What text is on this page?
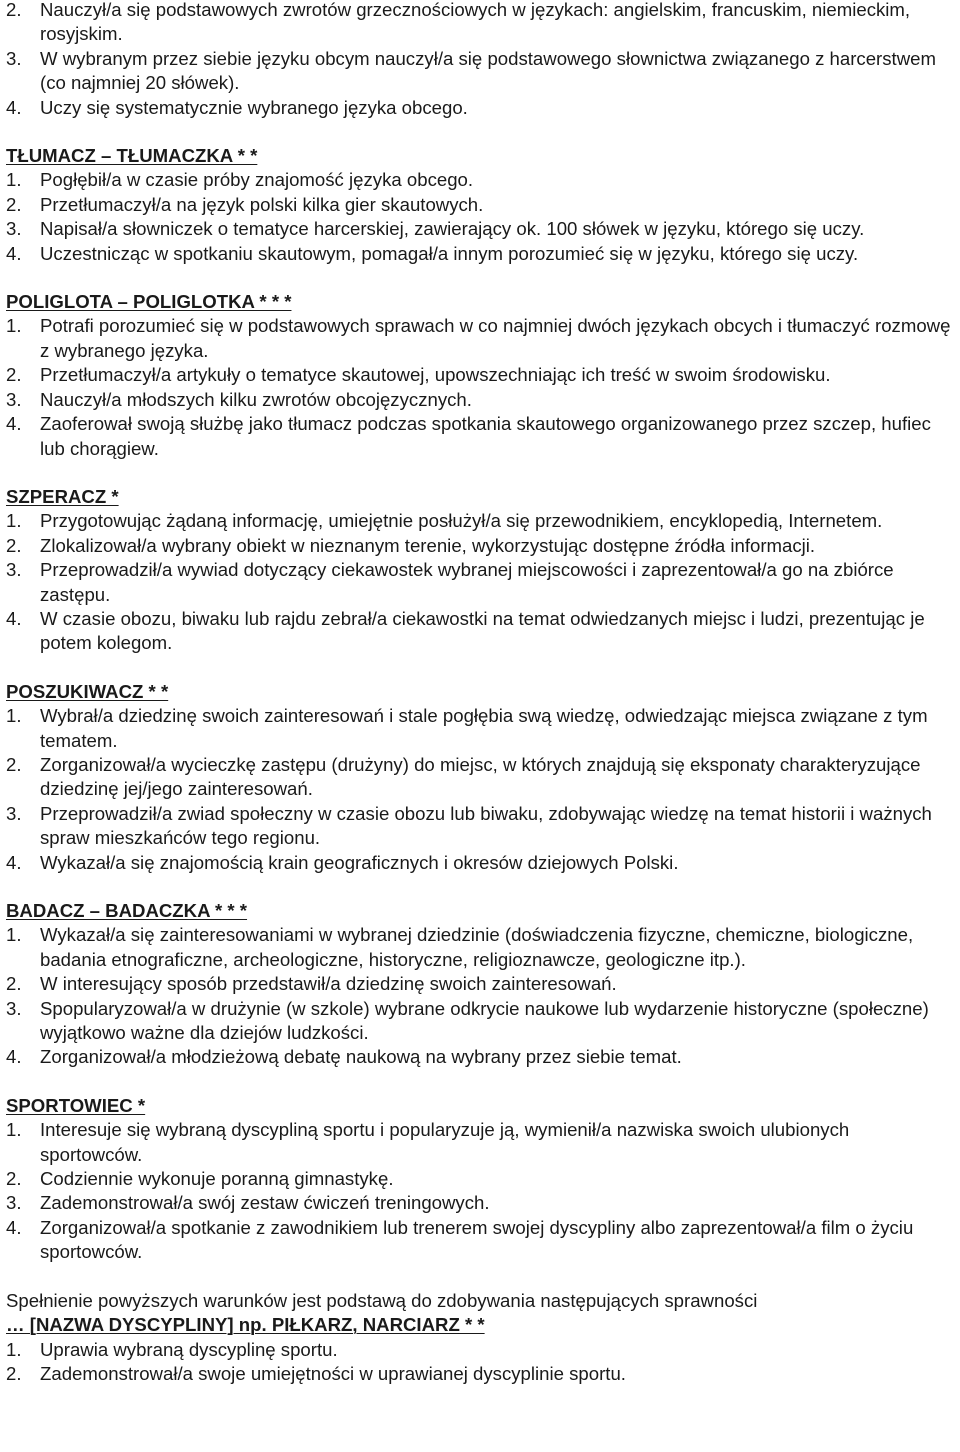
2. Nauczył/a się podstawowych zwrotów grzecznościowych w językach: angielskim, francuskim, niemieckim, rosyjskim.
3. W wybranym przez siebie języku obcym nauczył/a się podstawowego słownictwa związanego z harcerstwem (co najmniej 20 słówek).
4. Uczy się systematycznie wybranego języka obcego.
TŁUMACZ – TŁUMACZKA * *
1. Pogłębił/a w czasie próby znajomość języka obcego.
2. Przetłumaczył/a na język polski kilka gier skautowych.
3. Napisał/a słowniczek o tematyce harcerskiej, zawierający ok. 100 słówek w języku, którego się uczy.
4. Uczestnicząc w spotkaniu skautowym, pomagał/a innym porozumieć się w języku, którego się uczy.
POLIGLOTA – POLIGLOTKA * * *
1. Potrafi porozumieć się w podstawowych sprawach w co najmniej dwóch językach obcych i tłumaczyć rozmowę z wybranego języka.
2. Przetłumaczył/a artykuły o tematyce skautowej, upowszechniając ich treść w swoim środowisku.
3. Nauczył/a młodszych kilku zwrotów obcojęzycznych.
4. Zaoferował swoją służbę jako tłumacz podczas spotkania skautowego organizowanego przez szczep, hufiec lub chorągiew.
SZPERACZ *
1. Przygotowując żądaną informację, umiejętnie posłużył/a się przewodnikiem, encyklopedią, Internetem.
2. Zlokalizował/a wybrany obiekt w nieznanym terenie, wykorzystując dostępne źródła informacji.
3. Przeprowadził/a wywiad dotyczący ciekawostek wybranej miejscowości i zaprezentował/a go na zbiórce zastępu.
4. W czasie obozu, biwaku lub rajdu zebrał/a ciekawostki na temat odwiedzanych miejsc i ludzi, prezentując je potem kolegom.
POSZUKIWACZ * *
1. Wybrał/a dziedzinę swoich zainteresowań i stale pogłębia swą wiedzę, odwiedzając miejsca związane z tym tematem.
2. Zorganizował/a wycieczkę zastępu (drużyny) do miejsc, w których znajdują się eksponaty charakteryzujące dziedzinę jej/jego zainteresowań.
3. Przeprowadził/a zwiad społeczny w czasie obozu lub biwaku, zdobywając wiedzę na temat historii i ważnych spraw mieszkańców tego regionu.
4. Wykazał/a się znajomością krain geograficznych i okresów dziejowych Polski.
BADACZ – BADACZKA * * *
1. Wykazał/a się zainteresowaniami w wybranej dziedzinie (doświadczenia fizyczne, chemiczne, biologiczne, badania etnograficzne, archeologiczne, historyczne, religioznawcze, geologiczne itp.).
2. W interesujący sposób przedstawił/a dziedzinę swoich zainteresowań.
3. Spopularyzował/a w drużynie (w szkole) wybrane odkrycie naukowe lub wydarzenie historyczne (społeczne) wyjątkowo ważne dla dziejów ludzkości.
4. Zorganizował/a młodzieżową debatę naukową na wybrany przez siebie temat.
SPORTOWIEC *
1. Interesuje się wybraną dyscypliną sportu i popularyzuje ją, wymienił/a nazwiska swoich ulubionych sportowców.
2. Codziennie wykonuje poranną gimnastykę.
3. Zademonstrował/a swój zestaw ćwiczeń treningowych.
4. Zorganizował/a spotkanie z zawodnikiem lub trenerem swojej dyscypliny albo zaprezentował/a film o życiu sportowców.
Spełnienie powyższych warunków jest podstawą do zdobywania następujących sprawności
… [NAZWA DYSCYPLINY] np. PIŁKARZ, NARCIARZ * *
1. Uprawia wybraną dyscyplinę sportu.
2. Zademonstrował/a swoje umiejętności w uprawianej dyscyplinie sportu.
